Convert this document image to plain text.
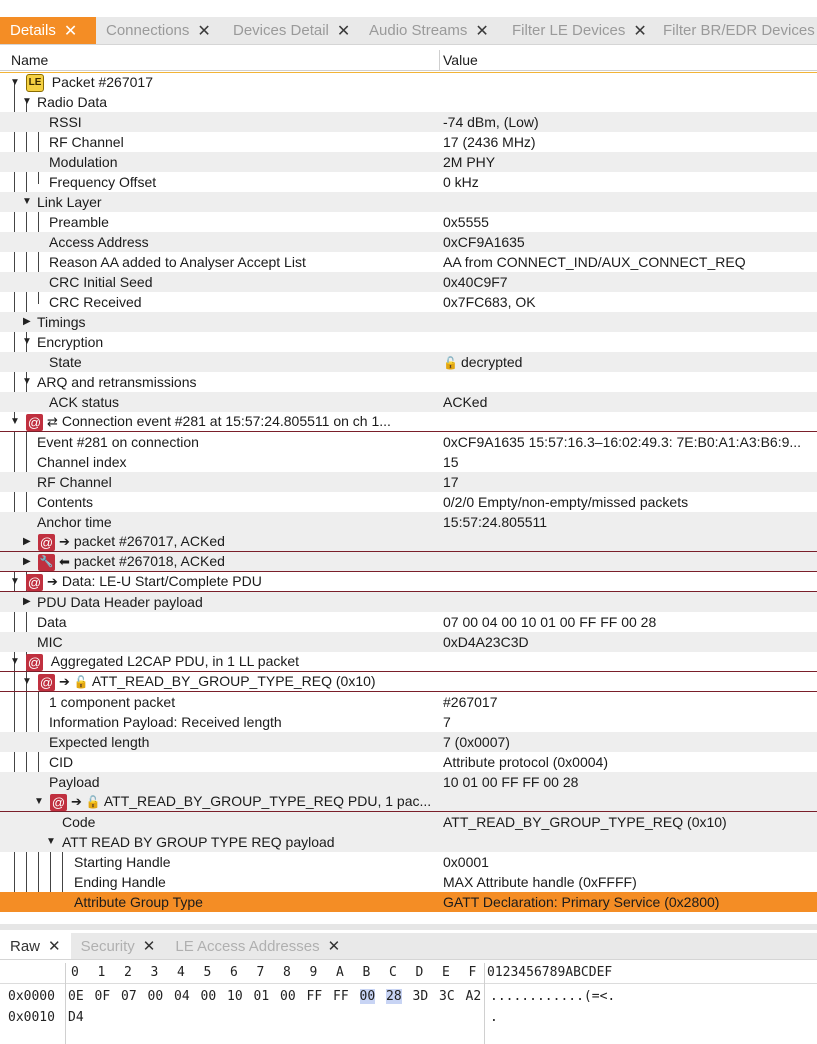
Details ✕ Connections ✕ Devices Detail ✕ Audio Streams ✕ Filter LE Devices ✕ Filter BR/EDR Devices
Name	Value
▼ LE Packet #267017
▼ Radio Data
RSSI	-74 dBm, (Low)
RF Channel	17 (2436 MHz)
Modulation	2M PHY
Frequency Offset	0 kHz
▼ Link Layer
Preamble	0x5555
Access Address	0xCF9A1635
Reason AA added to Analyser Accept List	AA from CONNECT_IND/AUX_CONNECT_REQ
CRC Initial Seed	0x40C9F7
CRC Received	0x7FC683, OK
▶ Timings
▼ Encryption
State	🔓 decrypted
▼ ARQ and retransmissions
ACK status	ACKed
▼ @ ⇄ Connection event #281 at 15:57:24.805511 on ch 1...
Event #281 on connection	0xCF9A1635 15:57:16.3–16:02:49.3: 7E:B0:A1:A3:B6:9...
Channel index	15
RF Channel	17
Contents	0/2/0 Empty/non-empty/missed packets
Anchor time	15:57:24.805511
▶ @ ➔ packet #267017, ACKed
▶ 🔧 ⬅ packet #267018, ACKed
▼ @ ➔ Data: LE-U Start/Complete PDU
▶ PDU Data Header payload
Data	07 00 04 00 10 01 00 FF FF 00 28
MIC	0xD4A23C3D
▼ @ Aggregated L2CAP PDU, in 1 LL packet
▼ @ ➔ 🔓 ATT_READ_BY_GROUP_TYPE_REQ (0x10)
1 component packet	#267017
Information Payload: Received length	7
Expected length	7 (0x0007)
CID	Attribute protocol (0x0004)
Payload	10 01 00 FF FF 00 28
▼ @ ➔ 🔓 ATT_READ_BY_GROUP_TYPE_REQ PDU, 1 pac...
Code	ATT_READ_BY_GROUP_TYPE_REQ (0x10)
▼ ATT READ BY GROUP TYPE REQ payload
Starting Handle	0x0001
Ending Handle	MAX Attribute handle (0xFFFF)
Attribute Group Type	GATT Declaration: Primary Service (0x2800)
Raw ✕ Security ✕ LE Access Addresses ✕
0 1 2 3 4 5 6 7 8 9 A B C D E F 0123456789ABCDEF
0x0000 0E 0F 07 00 04 00 10 01 00 FF FF 00 28 3D 3C A2 ............(=<.
0x0010 D4	.
